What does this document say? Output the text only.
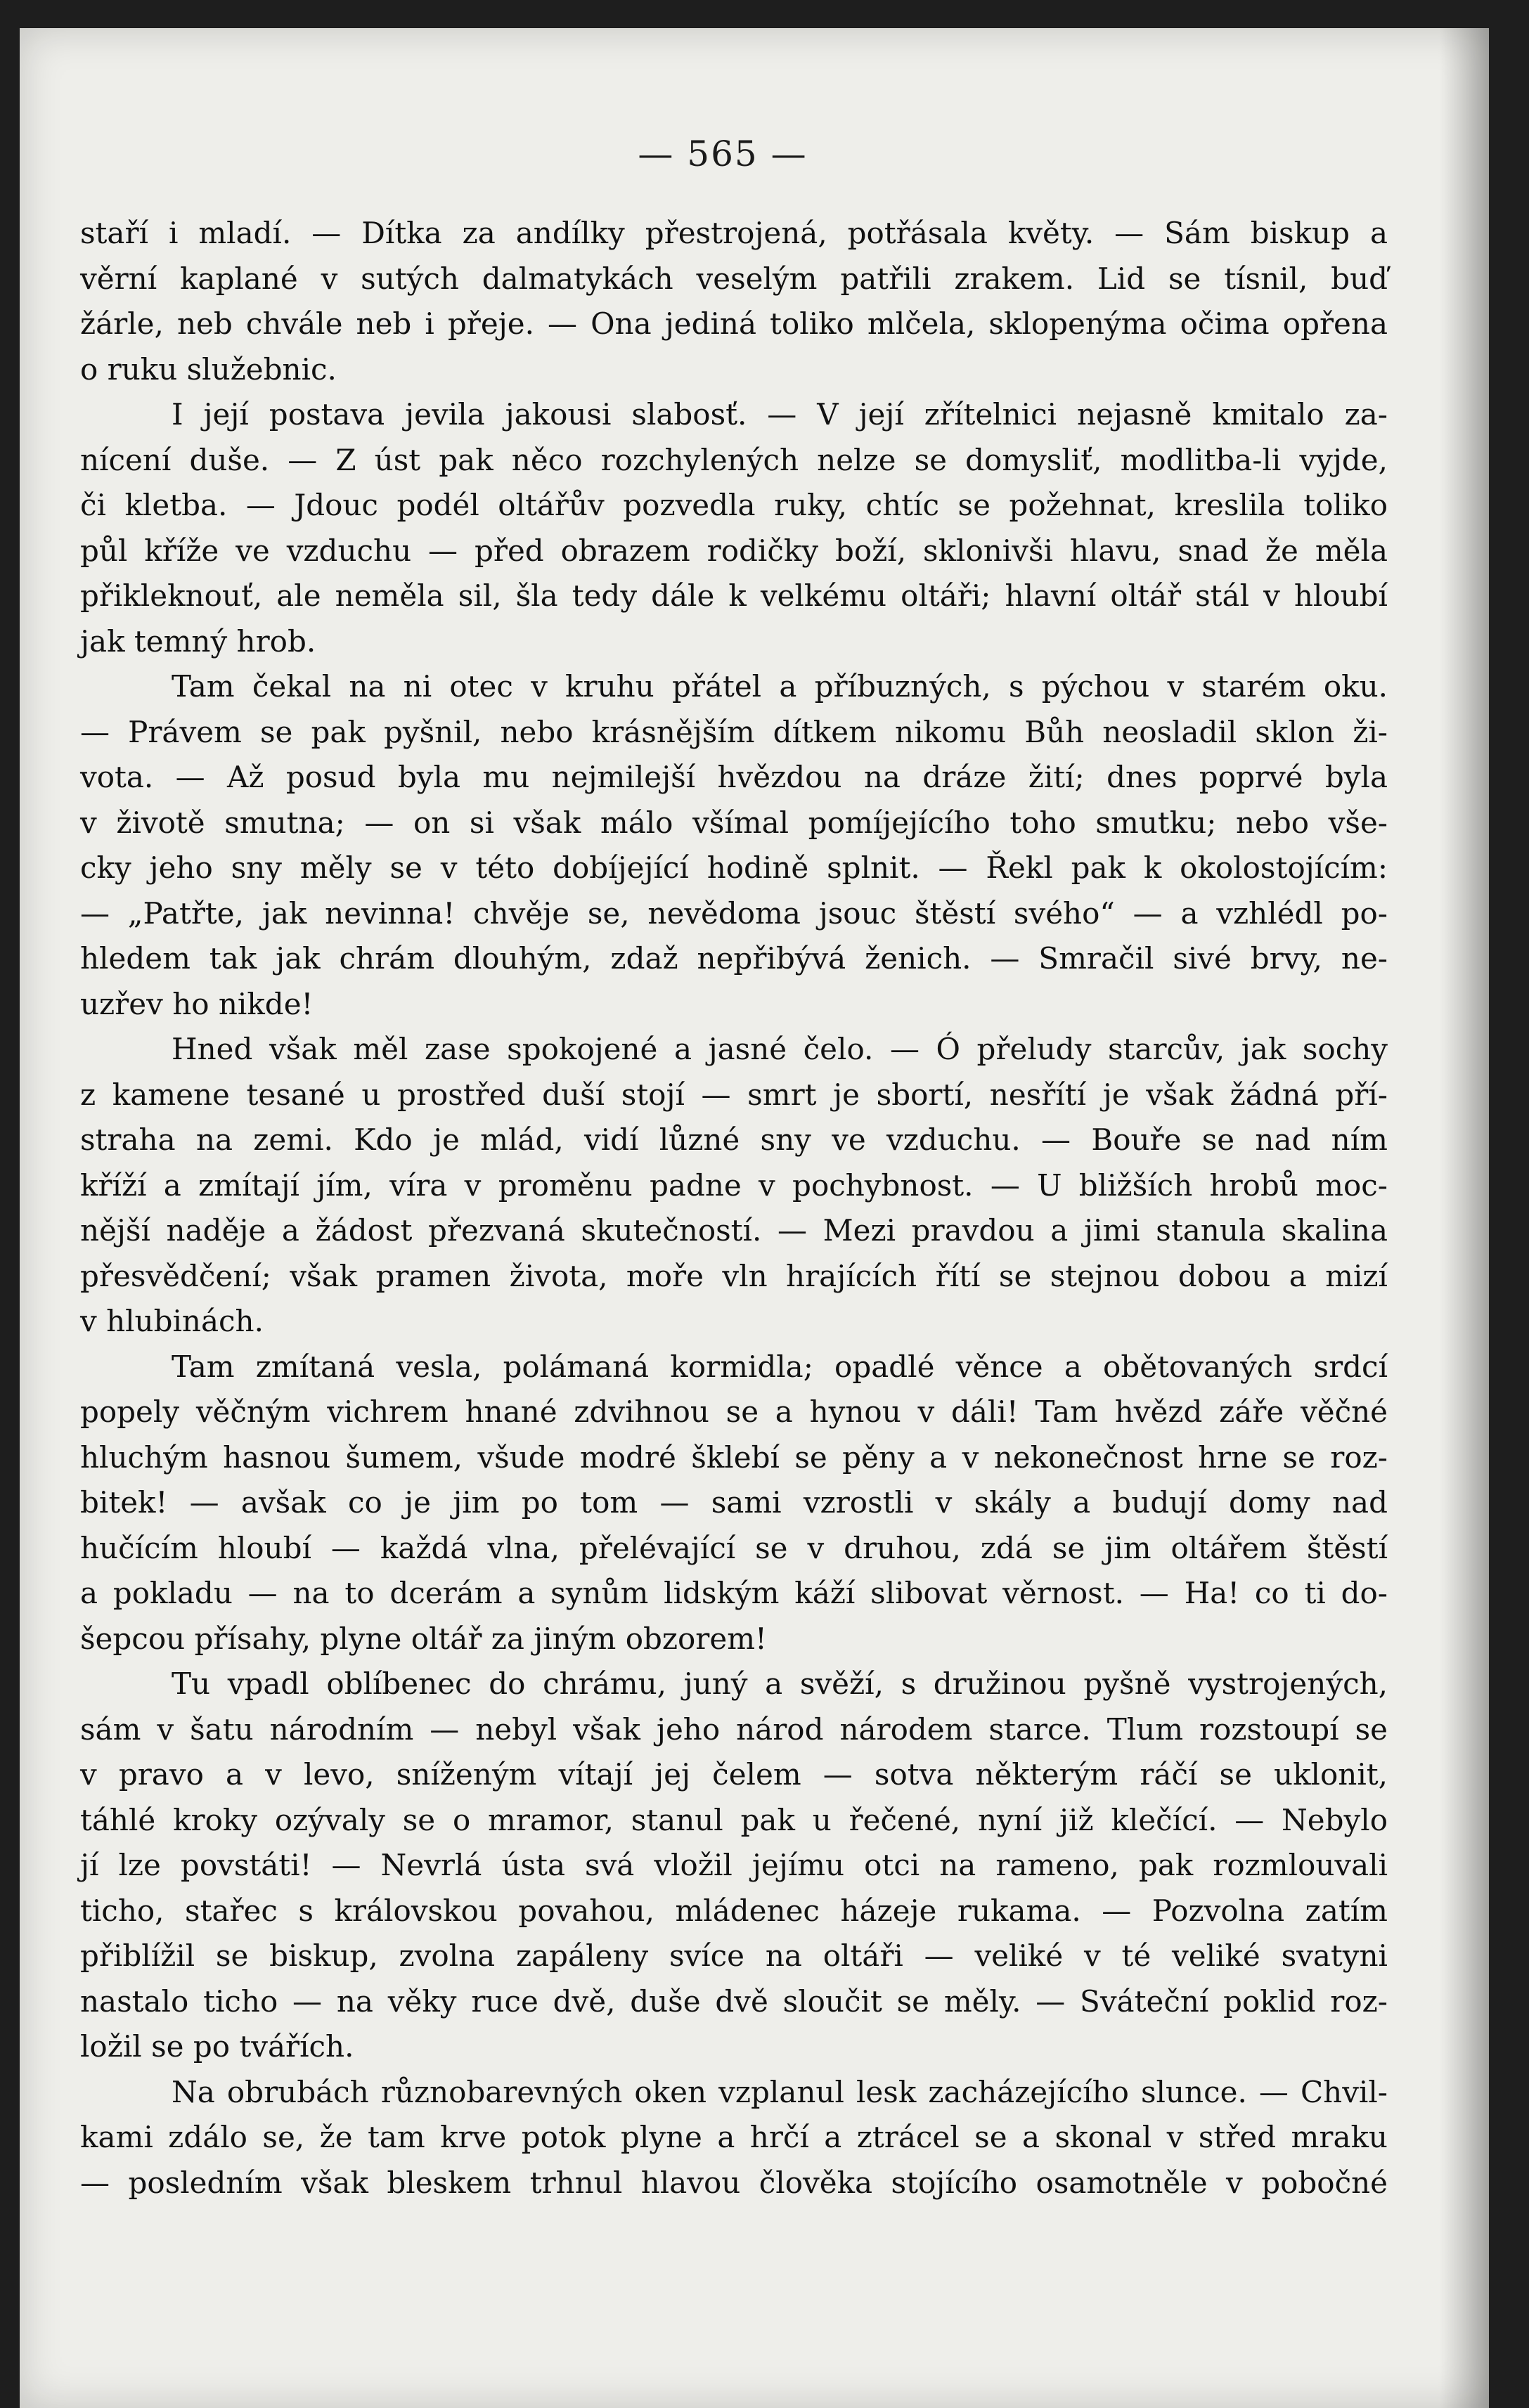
— 565 —
staří i mladí. — Dítka za andílky přestrojená, potřásala květy. — Sám biskup a
věrní kaplané v sutých dalmatykách veselým patřili zrakem. Lid se tísnil, buď
žárle, neb chvále neb i přeje. — Ona jediná toliko mlčela, sklopenýma očima opřena
o ruku služebnic.
I její postava jevila jakousi slabosť. — V její zřítelnici nejasně kmitalo za-
nícení duše. — Z úst pak něco rozchylených nelze se domysliť, modlitba-li vyjde,
či kletba. — Jdouc podél oltářův pozvedla ruky, chtíc se požehnat, kreslila toliko
půl kříže ve vzduchu — před obrazem rodičky boží, sklonivši hlavu, snad že měla
přikleknouť, ale neměla sil, šla tedy dále k velkému oltáři; hlavní oltář stál v hloubí
jak temný hrob.
Tam čekal na ni otec v kruhu přátel a příbuzných, s pýchou v starém oku.
— Právem se pak pyšnil, nebo krásnějším dítkem nikomu Bůh neosladil sklon ži-
vota. — Až posud byla mu nejmilejší hvězdou na dráze žití; dnes poprvé byla
v životě smutna; — on si však málo všímal pomíjejícího toho smutku; nebo vše-
cky jeho sny měly se v této dobíjející hodině splnit. — Řekl pak k okolostojícím:
— „Patřte, jak nevinna! chvěje se, nevědoma jsouc štěstí svého“ — a vzhlédl po-
hledem tak jak chrám dlouhým, zdaž nepřibývá ženich. — Smračil sivé brvy, ne-
uzřev ho nikde!
Hned však měl zase spokojené a jasné čelo. — Ó přeludy starcův, jak sochy
z kamene tesané u prostřed duší stojí — smrt je sbortí, nesřítí je však žádná pří-
straha na zemi. Kdo je mlád, vidí lůzné sny ve vzduchu. — Bouře se nad ním
kříží a zmítají jím, víra v proměnu padne v pochybnost. — U bližších hrobů moc-
nější naděje a žádost přezvaná skutečností. — Mezi pravdou a jimi stanula skalina
přesvědčení; však pramen života, moře vln hrajících řítí se stejnou dobou a mizí
v hlubinách.
Tam zmítaná vesla, polámaná kormidla; opadlé věnce a obětovaných srdcí
popely věčným vichrem hnané zdvihnou se a hynou v dáli! Tam hvězd záře věčné
hluchým hasnou šumem, všude modré šklebí se pěny a v nekonečnost hrne se roz-
bitek! — avšak co je jim po tom — sami vzrostli v skály a budují domy nad
hučícím hloubí — každá vlna, přelévající se v druhou, zdá se jim oltářem štěstí
a pokladu — na to dcerám a synům lidským káží slibovat věrnost. — Ha! co ti do-
šepcou přísahy, plyne oltář za jiným obzorem!
Tu vpadl oblíbenec do chrámu, juný a svěží, s družinou pyšně vystrojených,
sám v šatu národním — nebyl však jeho národ národem starce. Tlum rozstoupí se
v pravo a v levo, sníženým vítají jej čelem — sotva některým ráčí se uklonit,
táhlé kroky ozývaly se o mramor, stanul pak u řečené, nyní již klečící. — Nebylo
jí lze povstáti! — Nevrlá ústa svá vložil jejímu otci na rameno, pak rozmlouvali
ticho, stařec s královskou povahou, mládenec házeje rukama. — Pozvolna zatím
přiblížil se biskup, zvolna zapáleny svíce na oltáři — veliké v té veliké svatyni
nastalo ticho — na věky ruce dvě, duše dvě sloučit se měly. — Sváteční poklid roz-
ložil se po tvářích.
Na obrubách různobarevných oken vzplanul lesk zacházejícího slunce. — Chvil-
kami zdálo se, že tam krve potok plyne a hrčí a ztrácel se a skonal v střed mraku
— posledním však bleskem trhnul hlavou člověka stojícího osamotněle v pobočné
